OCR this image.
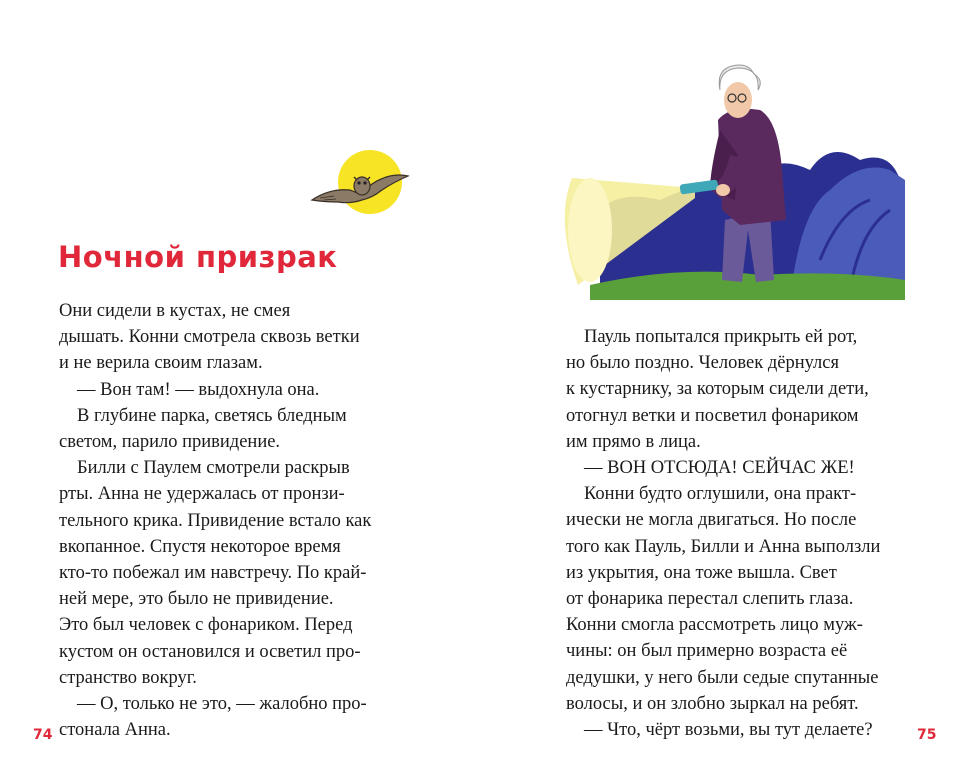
Ночной призрак

Они сидели в кустах, не смея

дышать. Конни смотрела сквозь ветки

и не верила своим глазам.

— Вон там! — выдохнула она.

В глубине парка, светясь бледным

светом, парило привидение.

Билли с Паулем смотрели раскрыв

рты. Анна не удержалась от пронзи-

тельного крика. Привидение встало как

вкопанное. Спустя некоторое время

кто-то побежал им навстречу. По край-

ней мере, это было не привидение.

Это был человек с фонариком. Перед

кустом он остановился и осветил про-

странство вокруг.

— О, только не это, — жалобно про-

стонала Анна.

74

Пауль попытался прикрыть ей рот,

но было поздно. Человек дёрнулся

к кустарнику, за которым сидели дети,

отогнул ветки и посветил фонариком

им прямо в лица.

— ВОН ОТСЮДА! СЕЙЧАС ЖЕ!

Конни будто оглушили, она практ-

ически не могла двигаться. Но после

того как Пауль, Билли и Анна выползли

из укрытия, она тоже вышла. Свет

от фонарика перестал слепить глаза.

Конни смогла рассмотреть лицо муж-

чины: он был примерно возраста её

дедушки, у него были седые спутанные

волосы, и он злобно зыркал на ребят.

— Что, чёрт возьми, вы тут делаете?	75
